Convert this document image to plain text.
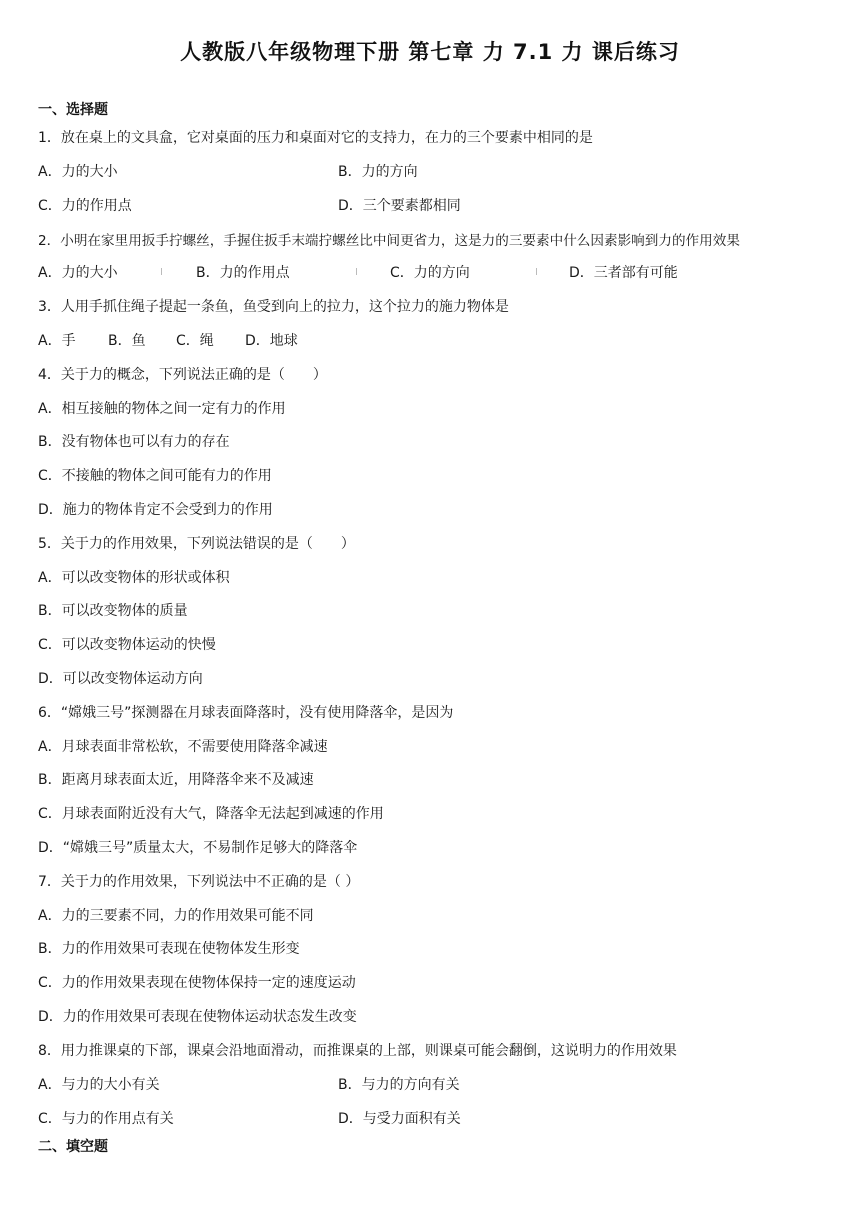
人教版八年级物理下册 第七章 力 7.1 力 课后练习
一、选择题
1．放在桌上的文具盒，它对桌面的压力和桌面对它的支持力，在力的三个要素中相同的是
A．力的大小	B．力的方向
C．力的作用点	D．三个要素都相同
2．小明在家里用扳手拧螺丝，手握住扳手末端拧螺丝比中间更省力，这是力的三要素中什么因素影响到力的作用效果
A．力的大小	B．力的作用点	C．力的方向	D．三者部有可能
3．人用手抓住绳子提起一条鱼，鱼受到向上的拉力，这个拉力的施力物体是
A．手 B．鱼 C．绳 D．地球
4．关于力的概念，下列说法正确的是（　　）
A．相互接触的物体之间一定有力的作用
B．没有物体也可以有力的存在
C．不接触的物体之间可能有力的作用
D．施力的物体肯定不会受到力的作用
5．关于力的作用效果，下列说法错误的是（　　）
A．可以改变物体的形状或体积
B．可以改变物体的质量
C．可以改变物体运动的快慢
D．可以改变物体运动方向
6．“嫦娥三号”探测器在月球表面降落时，没有使用降落伞，是因为
A．月球表面非常松软，不需要使用降落伞减速
B．距离月球表面太近，用降落伞来不及减速
C．月球表面附近没有大气，降落伞无法起到减速的作用
D．“嫦娥三号”质量太大，不易制作足够大的降落伞
7．关于力的作用效果，下列说法中不正确的是（ ）
A．力的三要素不同，力的作用效果可能不同
B．力的作用效果可表现在使物体发生形变
C．力的作用效果表现在使物体保持一定的速度运动
D．力的作用效果可表现在使物体运动状态发生改变
8．用力推课桌的下部，课桌会沿地面滑动，而推课桌的上部，则课桌可能会翻倒，这说明力的作用效果
A．与力的大小有关	B．与力的方向有关
C．与力的作用点有关	D．与受力面积有关
二、填空题
